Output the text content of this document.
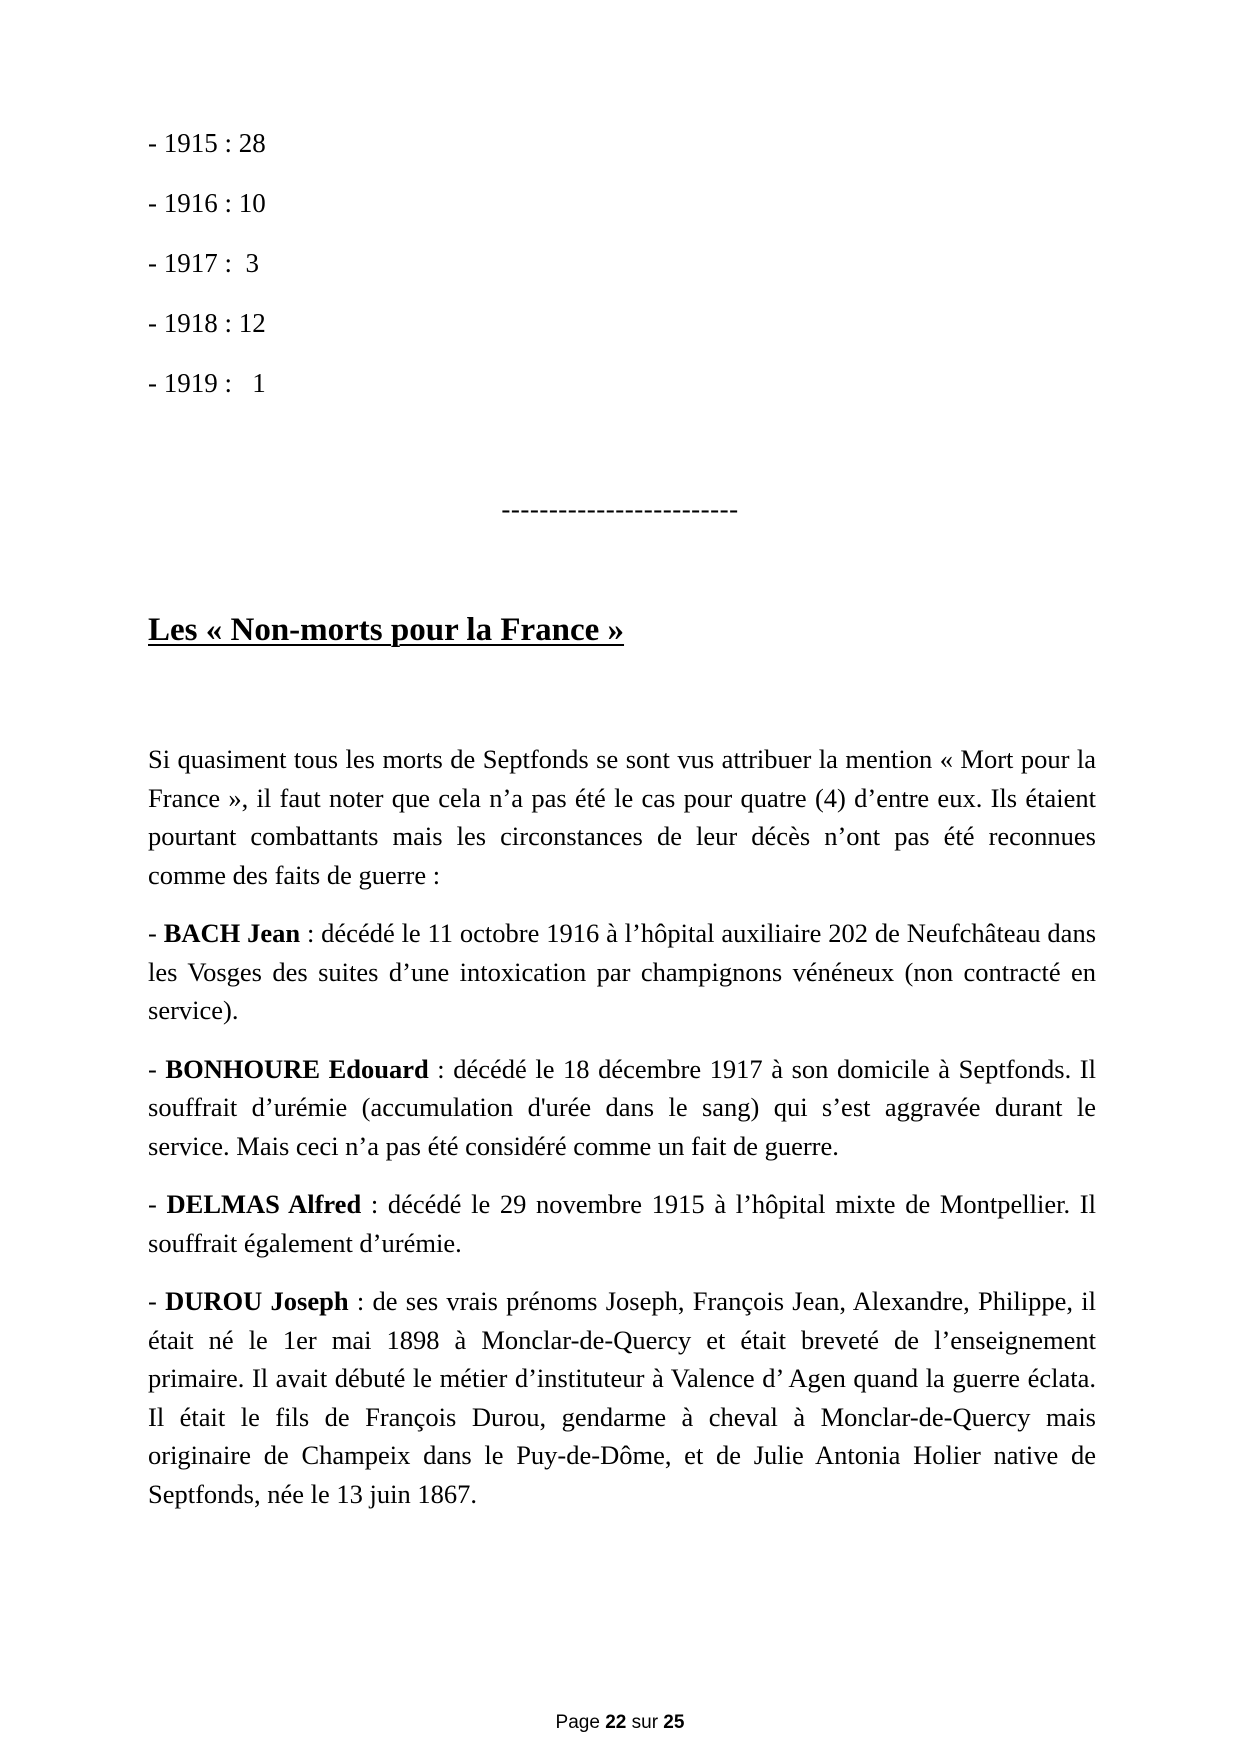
- 1915 : 28
- 1916 : 10
- 1917 :  3
- 1918 : 12
- 1919 :   1
-------------------------
Les « Non-morts pour la France »

Si quasiment tous les morts de Septfonds se sont vus attribuer la mention « Mort pour la France », il faut noter que cela n’a pas été le cas pour quatre (4) d’entre eux. Ils étaient pourtant combattants mais les circonstances de leur décès n’ont pas été reconnues comme des faits de guerre :

- BACH Jean : décédé le 11 octobre 1916 à l’hôpital auxiliaire 202 de Neufchâteau dans les Vosges des suites d’une intoxication par champignons vénéneux (non contracté en service).

- BONHOURE Edouard : décédé le 18 décembre 1917 à son domicile à Septfonds. Il souffrait d’urémie (accumulation d'urée dans le sang) qui s’est aggravée durant le service. Mais ceci n’a pas été considéré comme un fait de guerre.

- DELMAS Alfred : décédé le 29 novembre 1915 à l’hôpital mixte de Montpellier. Il souffrait également d’urémie.

- DUROU Joseph : de ses vrais prénoms Joseph, François Jean, Alexandre, Philippe, il était né le 1er mai 1898 à Monclar-de-Quercy et était breveté de l’enseignement primaire. Il avait débuté le métier d’instituteur à Valence d’ Agen quand la guerre éclata. Il était le fils de François Durou, gendarme à cheval à Monclar-de-Quercy mais originaire de Champeix dans le Puy-de-Dôme, et de Julie Antonia Holier native de Septfonds, née le 13 juin 1867.

Page 22 sur 25
